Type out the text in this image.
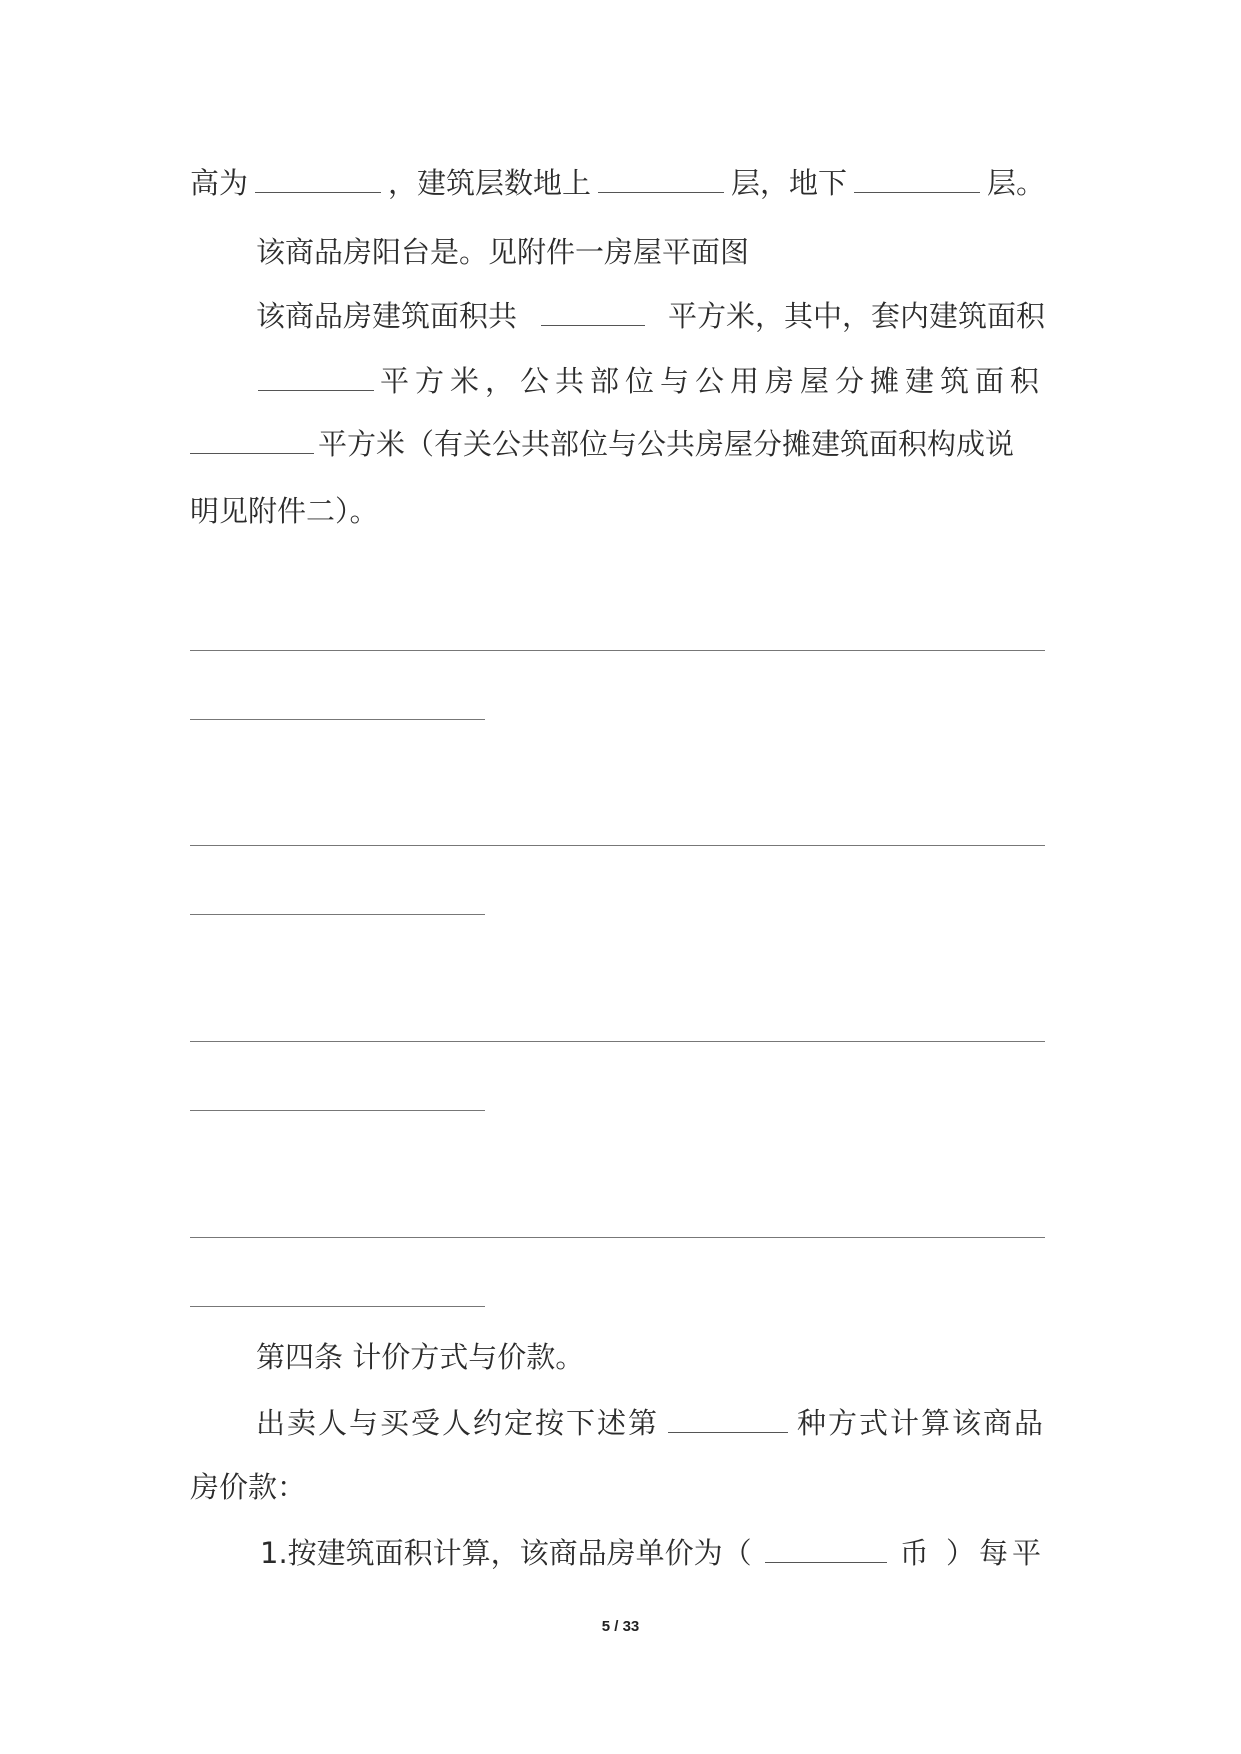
高为	，建筑层数地上	层，地下	层。
该商品房阳台是。见附件一房屋平面图
该商品房建筑面积共	平方米，其中，套内建筑面积
平方米，公共部位与公用房屋分摊建筑面积
平方米（有关公共部位与公共房屋分摊建筑面积构成说
明见附件二）。
第四条 计价方式与价款。
出卖人与买受人约定按下述第	种方式计算该商品
房价款：
1.按建筑面积计算，该商品房单价为（	币 ）每平
5 / 33
